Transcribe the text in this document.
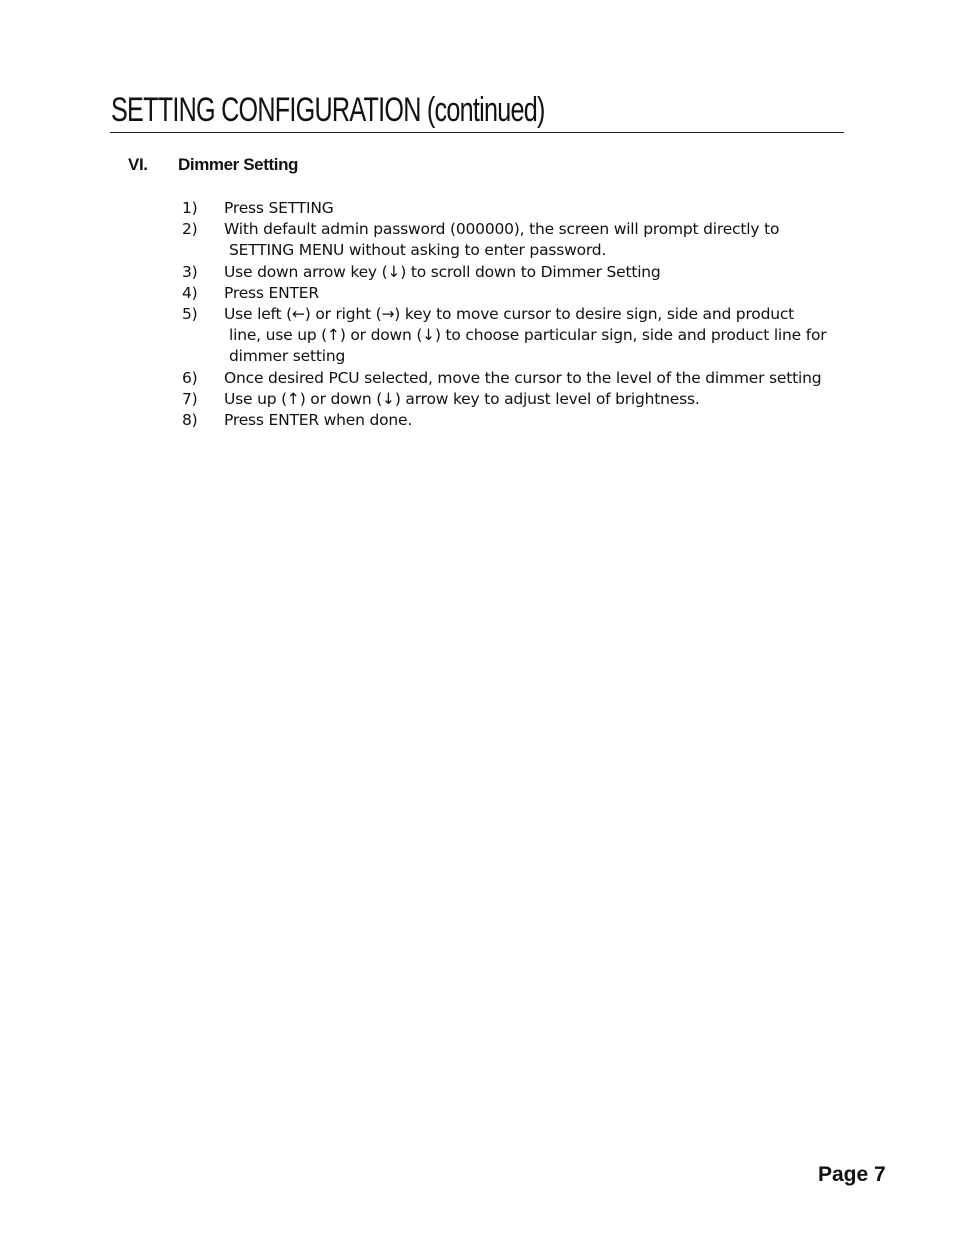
SETTING CONFIGURATION (continued)
VI. Dimmer Setting
1)	Press SETTING
2)	With default admin password (000000), the screen will prompt directly to
SETTING MENU without asking to enter password.
3)	Use down arrow key (↓) to scroll down to Dimmer Setting
4)	Press ENTER
5)	Use left (←) or right (→) key to move cursor to desire sign, side and product
line, use up (↑) or down (↓) to choose particular sign, side and product line for
dimmer setting
6)	Once desired PCU selected, move the cursor to the level of the dimmer setting
7)	Use up (↑) or down (↓) arrow key to adjust level of brightness.
8)	Press ENTER when done.
Page 7
